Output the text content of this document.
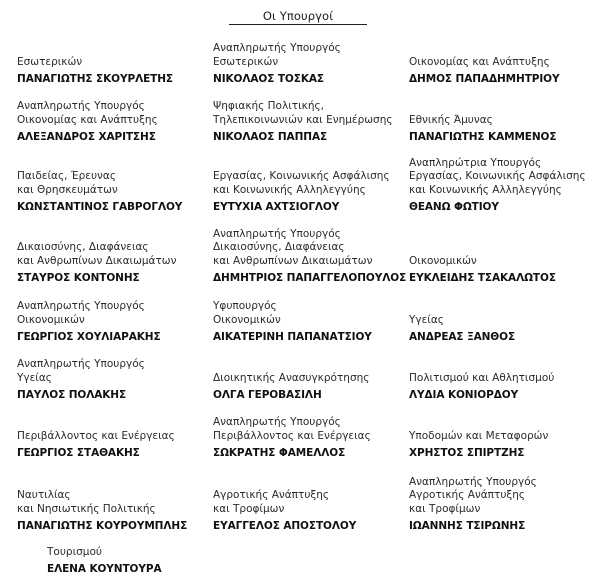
Οι Υπουργοί
Εσωτερικών
ΠΑΝΑΓΙΩΤΗΣ ΣΚΟΥΡΛΕΤΗΣ
Αναπληρωτής Υπουργός
Εσωτερικών
ΝΙΚΟΛΑΟΣ ΤΟΣΚΑΣ
Οικονομίας και Ανάπτυξης
ΔΗΜΟΣ ΠΑΠΑΔΗΜΗΤΡΙΟΥ
Αναπληρωτής Υπουργός
Οικονομίας και Ανάπτυξης
ΑΛΕΞΑΝΔΡΟΣ ΧΑΡΙΤΣΗΣ
Ψηφιακής Πολιτικής,
Τηλεπικοινωνιών και Ενημέρωσης
ΝΙΚΟΛΑΟΣ ΠΑΠΠΑΣ
Εθνικής Άμυνας
ΠΑΝΑΓΙΩΤΗΣ ΚΑΜΜΕΝΟΣ
Παιδείας, Έρευνας
και Θρησκευμάτων
ΚΩΝΣΤΑΝΤΙΝΟΣ ΓΑΒΡΟΓΛΟΥ
Εργασίας, Κοινωνικής Ασφάλισης
και Κοινωνικής Αλληλεγγύης
ΕΥΤΥΧΙΑ ΑΧΤΣΙΟΓΛΟΥ
Αναπληρώτρια Υπουργός
Εργασίας, Κοινωνικής Ασφάλισης
και Κοινωνικής Αλληλεγγύης
ΘΕΑΝΩ ΦΩΤΙΟΥ
Δικαιοσύνης, Διαφάνειας
και Ανθρωπίνων Δικαιωμάτων
ΣΤΑΥΡΟΣ ΚΟΝΤΟΝΗΣ
Αναπληρωτής Υπουργός
Δικαιοσύνης, Διαφάνειας
και Ανθρωπίνων Δικαιωμάτων
ΔΗΜΗΤΡΙΟΣ ΠΑΠΑΓΓΕΛΟΠΟΥΛΟΣ
Οικονομικών
ΕΥΚΛΕΙΔΗΣ ΤΣΑΚΑΛΩΤΟΣ
Αναπληρωτής Υπουργός
Οικονομικών
ΓΕΩΡΓΙΟΣ ΧΟΥΛΙΑΡΑΚΗΣ
Υφυπουργός
Οικονομικών
ΑΙΚΑΤΕΡΙΝΗ ΠΑΠΑΝΑΤΣΙΟΥ
Υγείας
ΑΝΔΡΕΑΣ ΞΑΝΘΟΣ
Αναπληρωτής Υπουργός
Υγείας
ΠΑΥΛΟΣ ΠΟΛΑΚΗΣ
Διοικητικής Ανασυγκρότησης
ΟΛΓΑ ΓΕΡΟΒΑΣΙΛΗ
Πολιτισμού και Αθλητισμού
ΛΥΔΙΑ ΚΟΝΙΟΡΔΟΥ
Περιβάλλοντος και Ενέργειας
ΓΕΩΡΓΙΟΣ ΣΤΑΘΑΚΗΣ
Αναπληρωτής Υπουργός
Περιβάλλοντος και Ενέργειας
ΣΩΚΡΑΤΗΣ ΦΑΜΕΛΛΟΣ
Υποδομών και Μεταφορών
ΧΡΗΣΤΟΣ ΣΠΙΡΤΖΗΣ
Ναυτιλίας
και Νησιωτικής Πολιτικής
ΠΑΝΑΓΙΩΤΗΣ ΚΟΥΡΟΥΜΠΛΗΣ
Αγροτικής Ανάπτυξης
και Τροφίμων
ΕΥΑΓΓΕΛΟΣ ΑΠΟΣΤΟΛΟΥ
Αναπληρωτής Υπουργός
Αγροτικής Ανάπτυξης
και Τροφίμων
ΙΩΑΝΝΗΣ ΤΣΙΡΩΝΗΣ
Τουρισμού
ΕΛΕΝΑ ΚΟΥΝΤΟΥΡΑ
